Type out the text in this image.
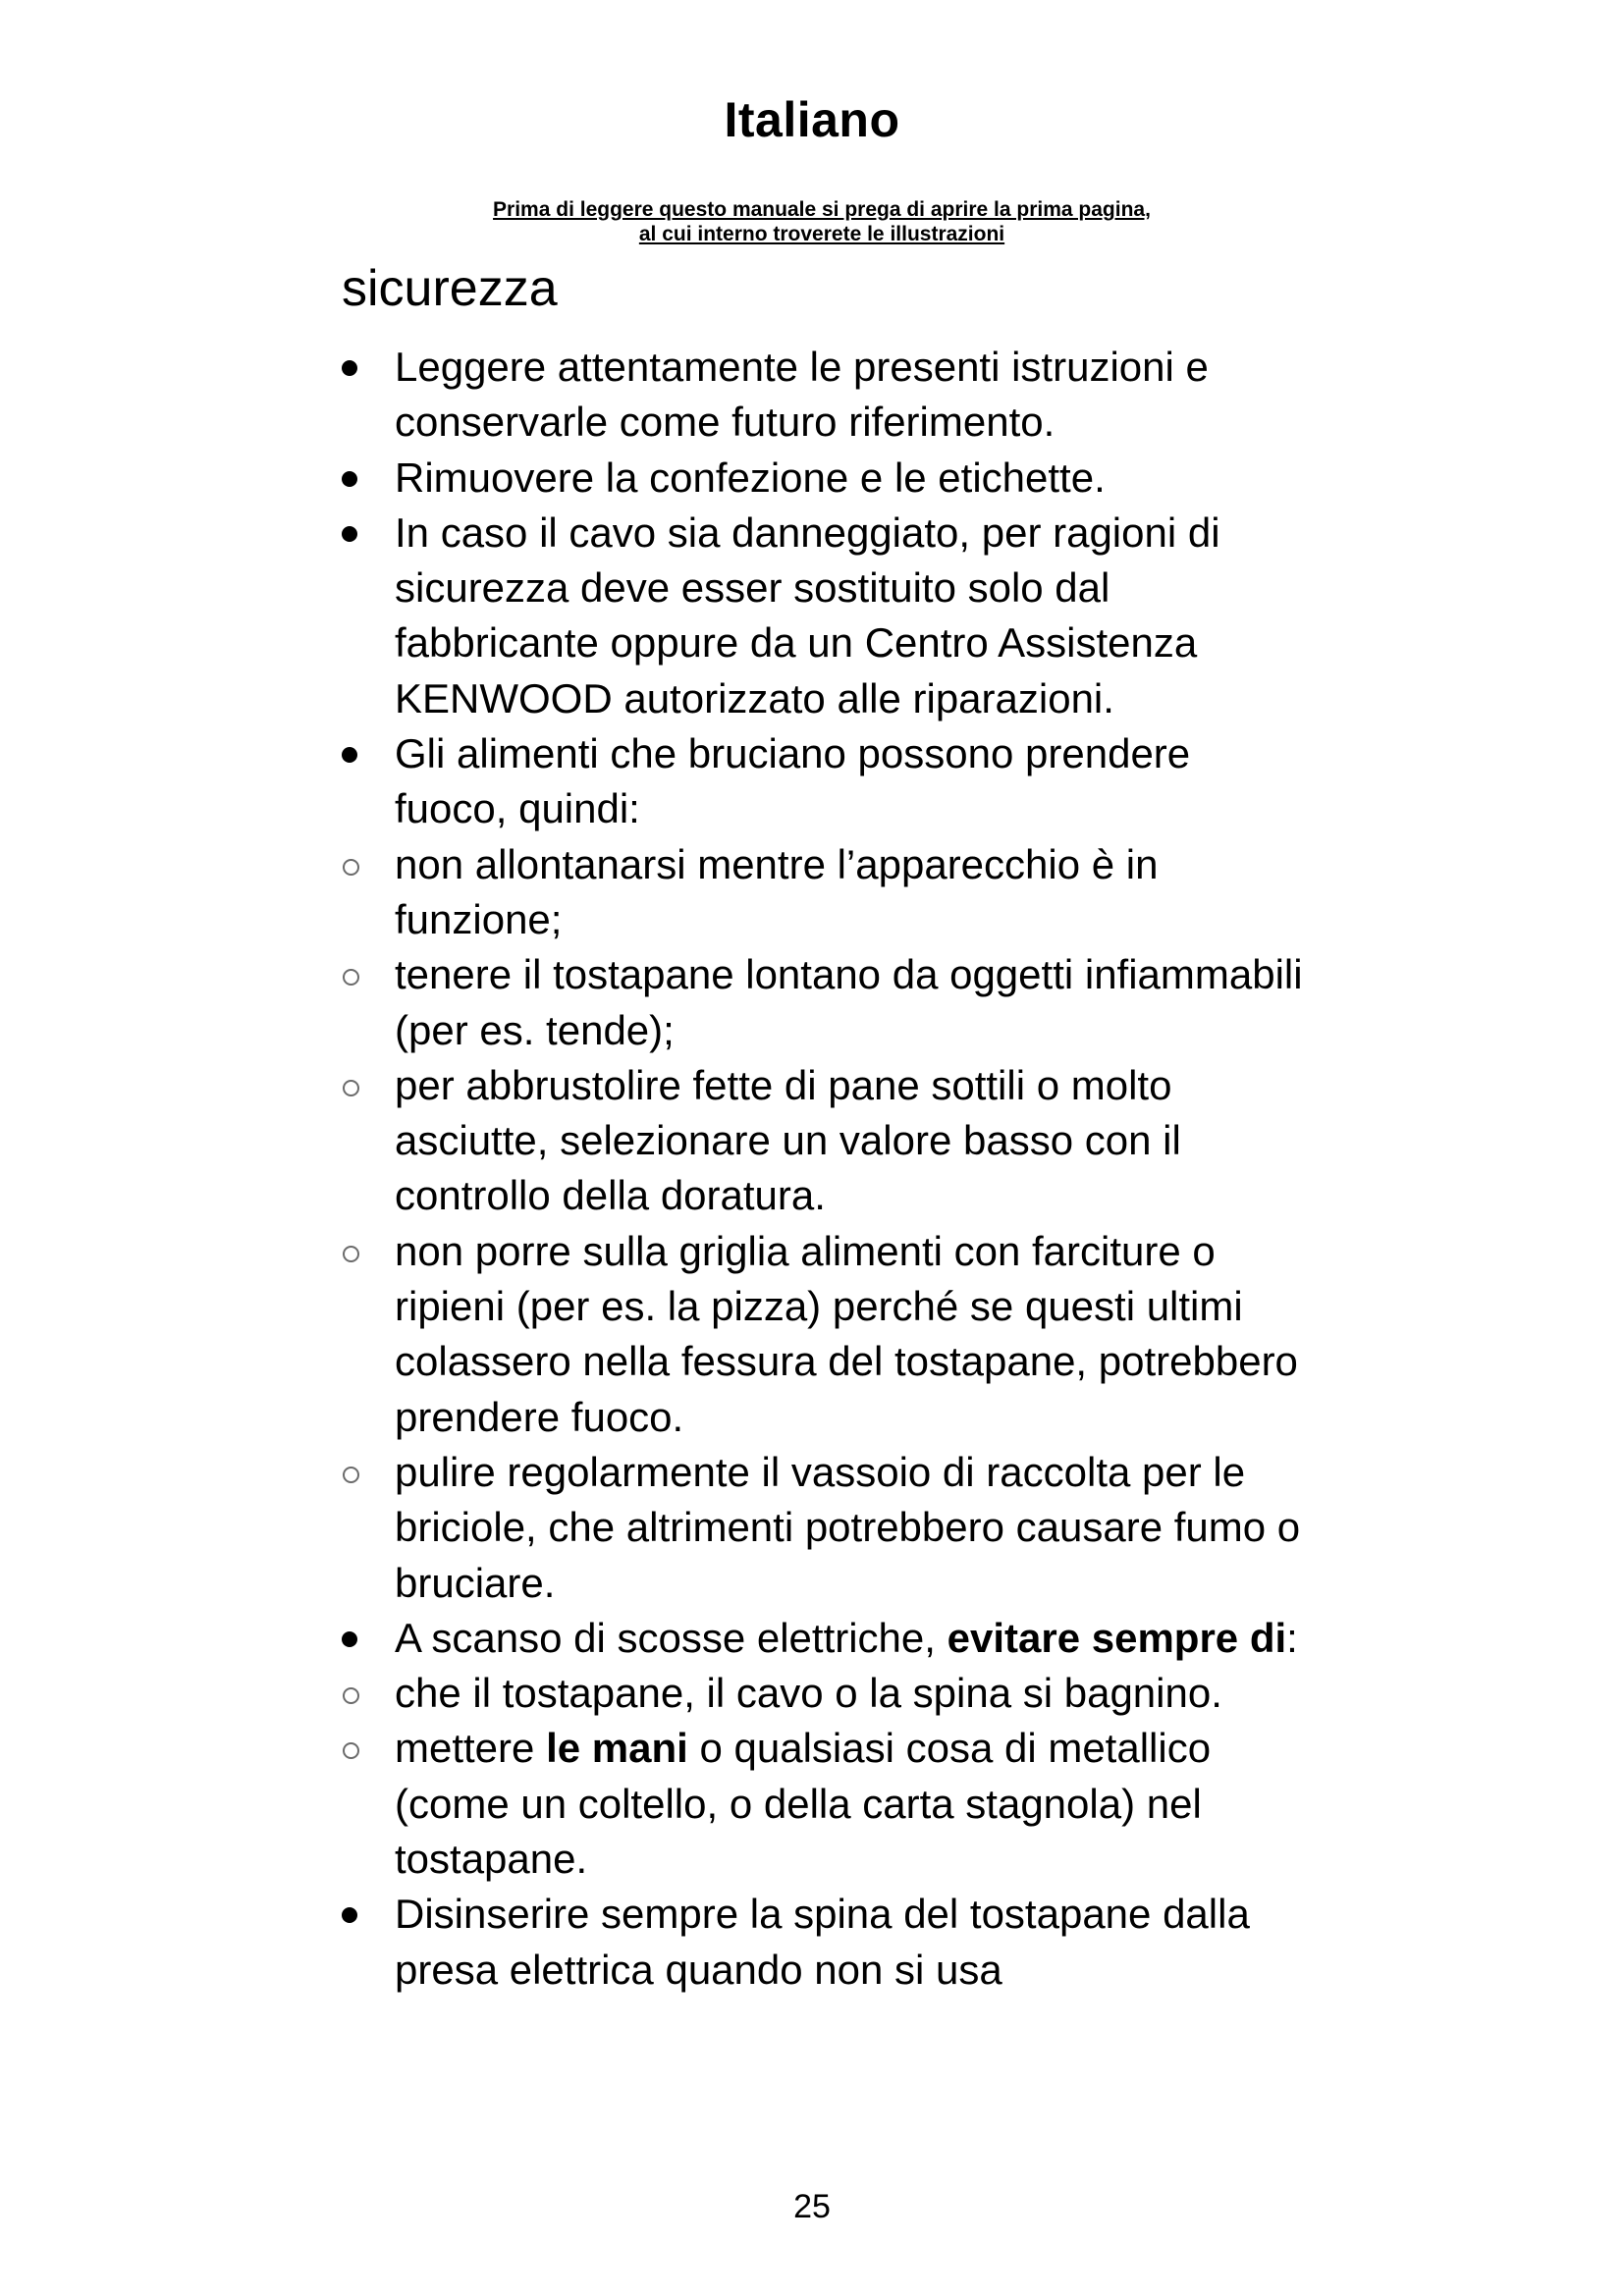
Italiano
Prima di leggere questo manuale si prega di aprire la prima pagina,
al cui interno troverete le illustrazioni
sicurezza
Leggere attentamente le presenti istruzioni e conservarle come futuro riferimento.
Rimuovere la confezione e le etichette.
In caso il cavo sia danneggiato, per ragioni di sicurezza deve esser sostituito solo dal fabbricante oppure da un Centro Assistenza KENWOOD autorizzato alle riparazioni.
Gli alimenti che bruciano possono prendere fuoco, quindi:
non allontanarsi mentre l’apparecchio è in funzione;
tenere il tostapane lontano da oggetti infiammabili (per es. tende);
per abbrustolire fette di pane sottili o molto asciutte, selezionare un valore basso con il controllo della doratura.
non porre sulla griglia alimenti con farciture o ripieni (per es. la pizza) perché se questi ultimi colassero nella fessura del tostapane, potrebbero prendere fuoco.
pulire regolarmente il vassoio di raccolta per le briciole, che altrimenti potrebbero causare fumo o bruciare.
A scanso di scosse elettriche, evitare sempre di:
che il tostapane, il cavo o la spina si bagnino.
mettere le mani o qualsiasi cosa di metallico (come un coltello, o della carta stagnola) nel tostapane.
Disinserire sempre la spina del tostapane dalla presa elettrica quando non si usa
25
